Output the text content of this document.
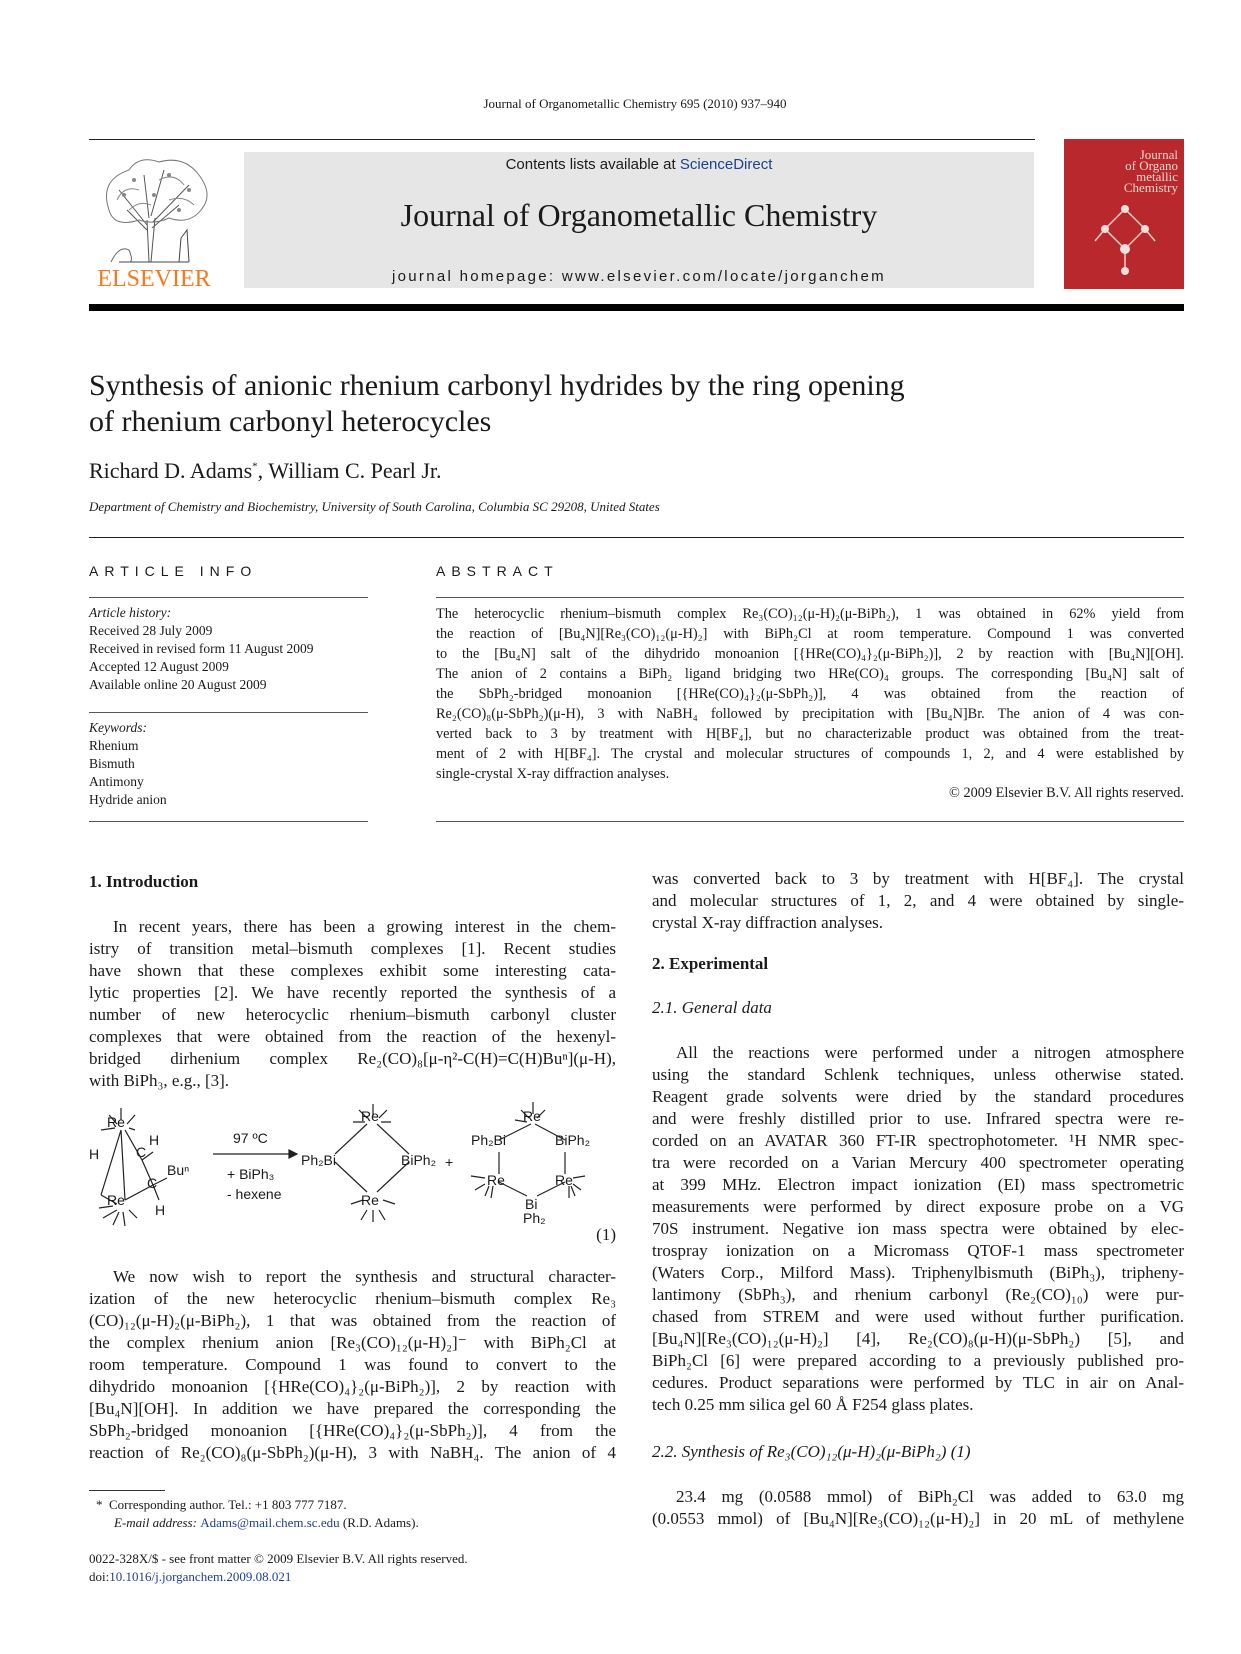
Journal of Organometallic Chemistry 695 (2010) 937–940
ELSEVIER
Contents lists available at ScienceDirect
Journal of Organometallic Chemistry
journal homepage: www.elsevier.com/locate/jorganchem
Journal
of Organo
metallic
Chemistry
Synthesis of anionic rhenium carbonyl hydrides by the ring opening
of rhenium carbonyl heterocycles
Richard D. Adams*, William C. Pearl Jr.
Department of Chemistry and Biochemistry, University of South Carolina, Columbia SC 29208, United States
ARTICLE INFO
Article history:
Received 28 July 2009
Received in revised form 11 August 2009
Accepted 12 August 2009
Available online 20 August 2009
Keywords:
Rhenium
Bismuth
Antimony
Hydride anion
ABSTRACT
The heterocyclic rhenium–bismuth complex Re₃(CO)₁₂(μ-H)₂(μ-BiPh₂), 1 was obtained in 62% yield from
the reaction of [Bu₄N][Re₃(CO)₁₂(μ-H)₂] with BiPh₂Cl at room temperature. Compound 1 was converted
to the [Bu₄N] salt of the dihydrido monoanion [{HRe(CO)₄}₂(μ-BiPh₂)], 2 by reaction with [Bu₄N][OH].
The anion of 2 contains a BiPh₂ ligand bridging two HRe(CO)₄ groups. The corresponding [Bu₄N] salt of
the SbPh₂-bridged monoanion [{HRe(CO)₄}₂(μ-SbPh₂)], 4 was obtained from the reaction of
Re₂(CO)₈(μ-SbPh₂)(μ-H), 3 with NaBH₄ followed by precipitation with [Bu₄N]Br. The anion of 4 was con-
verted back to 3 by treatment with H[BF₄], but no characterizable product was obtained from the treat-
ment of 2 with H[BF₄]. The crystal and molecular structures of compounds 1, 2, and 4 were established by
single-crystal X-ray diffraction analyses.
© 2009 Elsevier B.V. All rights reserved.
1. Introduction
In recent years, there has been a growing interest in the chem-
istry of transition metal–bismuth complexes [1]. Recent studies
have shown that these complexes exhibit some interesting cata-
lytic properties [2]. We have recently reported the synthesis of a
number of new heterocyclic rhenium–bismuth carbonyl cluster
complexes that were obtained from the reaction of the hexenyl-
bridged dirhenium complex Re₂(CO)₈[μ-η²-C(H)=C(H)Buⁿ](μ-H),
with BiPh₃, e.g., [3].
Re
H	C
H
Buⁿ
C
Re
H
97 ºC
+ BiPh₃
- hexene
Re
Ph₂Bi	BiPh₂
Re
+
Re
Ph₂Bi	BiPh₂
Re	Re
Bi
Ph₂
(1)
We now wish to report the synthesis and structural character-
ization of the new heterocyclic rhenium–bismuth complex Re₃
(CO)₁₂(μ-H)₂(μ-BiPh₂), 1 that was obtained from the reaction of
the complex rhenium anion [Re₃(CO)₁₂(μ-H)₂]⁻ with BiPh₂Cl at
room temperature. Compound 1 was found to convert to the
dihydrido monoanion [{HRe(CO)₄}₂(μ-BiPh₂)], 2 by reaction with
[Bu₄N][OH]. In addition we have prepared the corresponding the
SbPh₂-bridged monoanion [{HRe(CO)₄}₂(μ-SbPh₂)], 4 from the
reaction of Re₂(CO)₈(μ-SbPh₂)(μ-H), 3 with NaBH₄. The anion of 4
* Corresponding author. Tel.: +1 803 777 7187.
E-mail address: Adams@mail.chem.sc.edu (R.D. Adams).
0022-328X/$ - see front matter © 2009 Elsevier B.V. All rights reserved.
doi:10.1016/j.jorganchem.2009.08.021
was converted back to 3 by treatment with H[BF₄]. The crystal
and molecular structures of 1, 2, and 4 were obtained by single-
crystal X-ray diffraction analyses.
2. Experimental
2.1. General data
All the reactions were performed under a nitrogen atmosphere
using the standard Schlenk techniques, unless otherwise stated.
Reagent grade solvents were dried by the standard procedures
and were freshly distilled prior to use. Infrared spectra were re-
corded on an AVATAR 360 FT-IR spectrophotometer. ¹H NMR spec-
tra were recorded on a Varian Mercury 400 spectrometer operating
at 399 MHz. Electron impact ionization (EI) mass spectrometric
measurements were performed by direct exposure probe on a VG
70S instrument. Negative ion mass spectra were obtained by elec-
trospray ionization on a Micromass QTOF-1 mass spectrometer
(Waters Corp., Milford Mass). Triphenylbismuth (BiPh₃), tripheny-
lantimony (SbPh₃), and rhenium carbonyl (Re₂(CO)₁₀) were pur-
chased from STREM and were used without further purification.
[Bu₄N][Re₃(CO)₁₂(μ-H)₂] [4], Re₂(CO)₈(μ-H)(μ-SbPh₂) [5], and
BiPh₂Cl [6] were prepared according to a previously published pro-
cedures. Product separations were performed by TLC in air on Anal-
tech 0.25 mm silica gel 60 Å F254 glass plates.
2.2. Synthesis of Re₃(CO)₁₂(μ-H)₂(μ-BiPh₂) (1)
23.4 mg (0.0588 mmol) of BiPh₂Cl was added to 63.0 mg
(0.0553 mmol) of [Bu₄N][Re₃(CO)₁₂(μ-H)₂] in 20 mL of methylene
